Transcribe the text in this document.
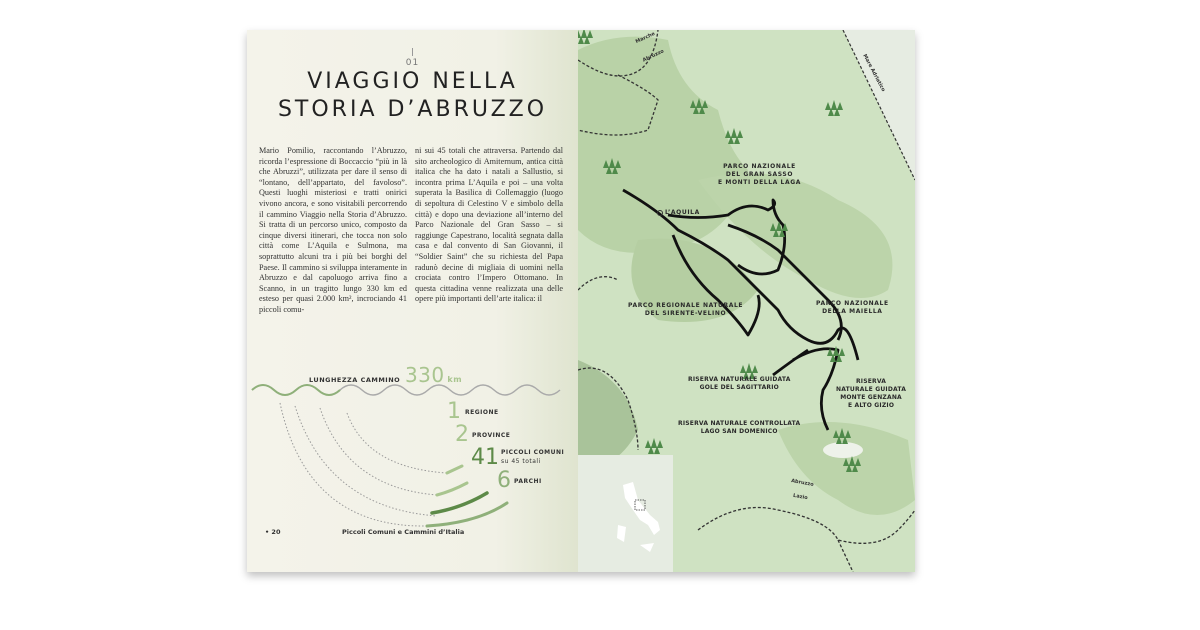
01
VIAGGIO NELLA
STORIA D’ABRUZZO
Mario Pomilio, raccontando l’Abruzzo, ricorda l’espressione di Boccaccio “più in là che Abruzzi”, utilizzata per dare il senso di “lontano, dell’appartato, del favoloso”. Questi luoghi misteriosi e tratti onirici vivono ancora, e sono visitabili percorrendo il cammino Viaggio nella Storia d’Abruzzo. Si tratta di un percorso unico, composto da cinque diversi itinerari, che tocca non solo città come L’Aquila e Sulmona, ma soprattutto alcuni tra i più bei borghi del Paese. Il cammino si sviluppa interamente in Abruzzo e dal capoluogo arriva fino a Scanno, in un tragitto lungo 330 km ed esteso per quasi 2.000 km², incrociando 41 piccoli comu-
ni sui 45 totali che attraversa. Partendo dal sito archeologico di Amiternum, antica città italica che ha dato i natali a Sallustio, si incontra prima L’Aquila e poi – una volta superata la Basilica di Collemaggio (luogo di sepoltura di Celestino V e simbolo della città) e dopo una deviazione all’interno del Parco Nazionale del Gran Sasso – si raggiunge Capestrano, località segnata dalla casa e dal convento di San Giovanni, il “Soldier Saint” che su richiesta del Papa radunò decine di migliaia di uomini nella crociata contro l’Impero Ottomano. In questa cittadina venne realizzata una delle opere più importanti dell’arte italica: il
LUNGHEZZA CAMMINO 330 km
1 REGIONE
2 PROVINCE
41 PICCOLI COMUNI
su 45 totali
6 PARCHI
• 20	Piccoli Comuni e Cammini d’Italia
Marche
Abruzzo	Mare Adriatico
L’AQUILA
PARCO NAZIONALE
DEL GRAN SASSO
E MONTI DELLA LAGA
PARCO REGIONALE NATURALE
DEL SIRENTE-VELINO
PARCO NAZIONALE
DELLA MAIELLA
RISERVA NATURALE GUIDATA
GOLE DEL SAGITTARIO
RISERVA
NATURALE GUIDATA
MONTE GENZANA
E ALTO GIZIO
RISERVA NATURALE CONTROLLATA
LAGO SAN DOMENICO
Abruzzo
Lazio
